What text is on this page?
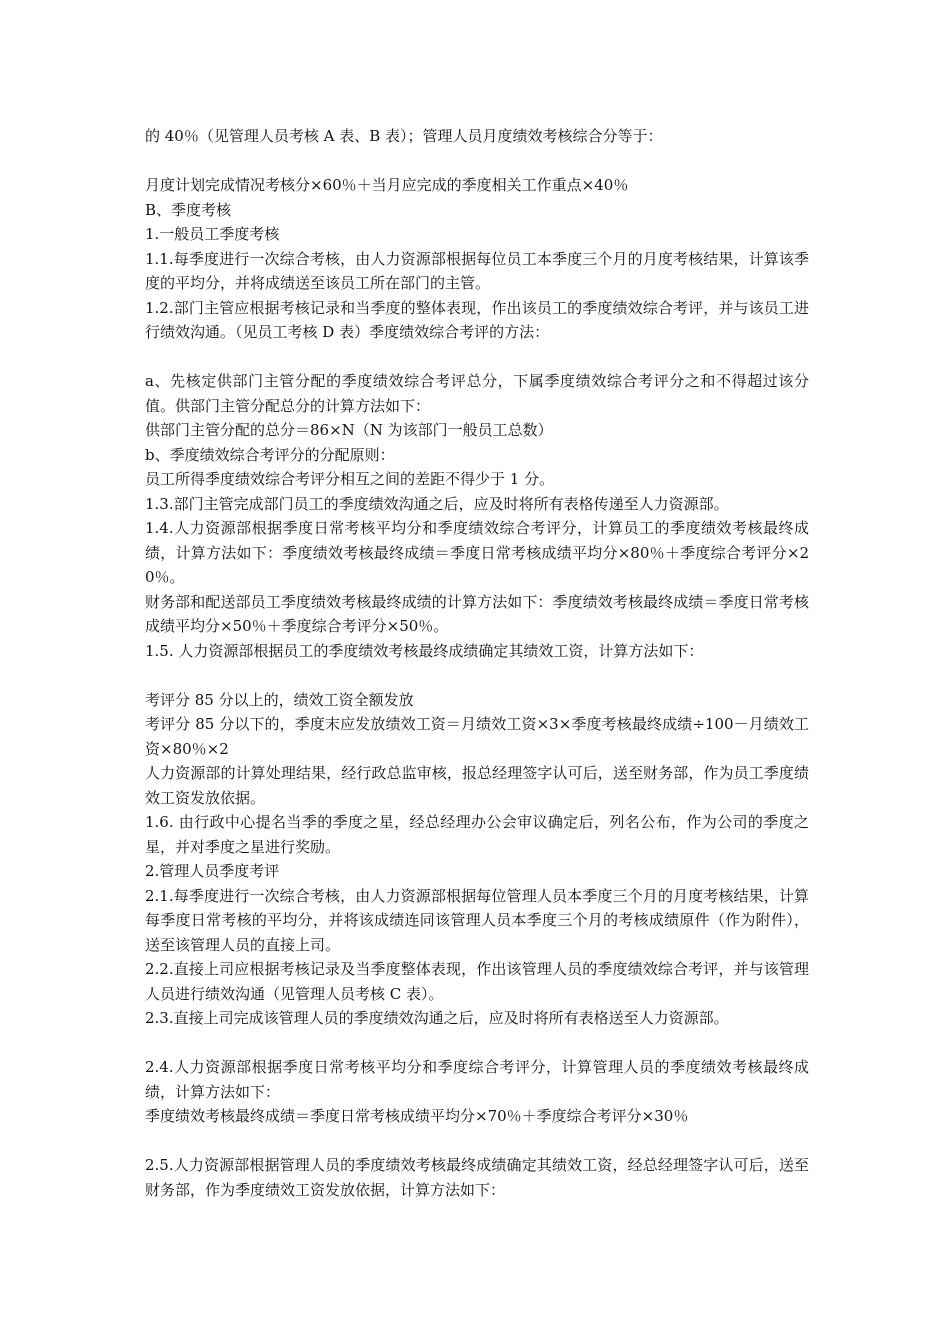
的 40％（见管理人员考核 A 表、B 表）；管理人员月度绩效考核综合分等于：

月度计划完成情况考核分×60％＋当月应完成的季度相关工作重点×40％

B、季度考核

1.一般员工季度考核

1.1.每季度进行一次综合考核，由人力资源部根据每位员工本季度三个月的月度考核结果，计算该季度的平均分，并将成绩送至该员工所在部门的主管。

1.2.部门主管应根据考核记录和当季度的整体表现，作出该员工的季度绩效综合考评，并与该员工进行绩效沟通。（见员工考核 D 表）季度绩效综合考评的方法：

a、先核定供部门主管分配的季度绩效综合考评总分，下属季度绩效综合考评分之和不得超过该分值。供部门主管分配总分的计算方法如下：

供部门主管分配的总分＝86×N（N 为该部门一般员工总数）

b、季度绩效综合考评分的分配原则：

员工所得季度绩效综合考评分相互之间的差距不得少于 1 分。

1.3.部门主管完成部门员工的季度绩效沟通之后，应及时将所有表格传递至人力资源部。

1.4.人力资源部根据季度日常考核平均分和季度绩效综合考评分，计算员工的季度绩效考核最终成绩，计算方法如下：季度绩效考核最终成绩＝季度日常考核成绩平均分×80％＋季度综合考评分×20％。

财务部和配送部员工季度绩效考核最终成绩的计算方法如下：季度绩效考核最终成绩＝季度日常考核成绩平均分×50％＋季度综合考评分×50％。

1.5. 人力资源部根据员工的季度绩效考核最终成绩确定其绩效工资，计算方法如下：

考评分 85 分以上的，绩效工资全额发放

考评分 85 分以下的，季度末应发放绩效工资＝月绩效工资×3×季度考核最终成绩÷100－月绩效工资×80％×2

人力资源部的计算处理结果，经行政总监审核，报总经理签字认可后，送至财务部，作为员工季度绩效工资发放依据。

1.6. 由行政中心提名当季的季度之星，经总经理办公会审议确定后，列名公布，作为公司的季度之星，并对季度之星进行奖励。

2.管理人员季度考评

2.1.每季度进行一次综合考核，由人力资源部根据每位管理人员本季度三个月的月度考核结果，计算每季度日常考核的平均分，并将该成绩连同该管理人员本季度三个月的考核成绩原件（作为附件），送至该管理人员的直接上司。

2.2.直接上司应根据考核记录及当季度整体表现，作出该管理人员的季度绩效综合考评，并与该管理人员进行绩效沟通（见管理人员考核 C 表）。

2.3.直接上司完成该管理人员的季度绩效沟通之后，应及时将所有表格送至人力资源部。

2.4.人力资源部根据季度日常考核平均分和季度综合考评分，计算管理人员的季度绩效考核最终成绩，计算方法如下：

季度绩效考核最终成绩＝季度日常考核成绩平均分×70％＋季度综合考评分×30％

2.5.人力资源部根据管理人员的季度绩效考核最终成绩确定其绩效工资，经总经理签字认可后，送至财务部，作为季度绩效工资发放依据，计算方法如下：
